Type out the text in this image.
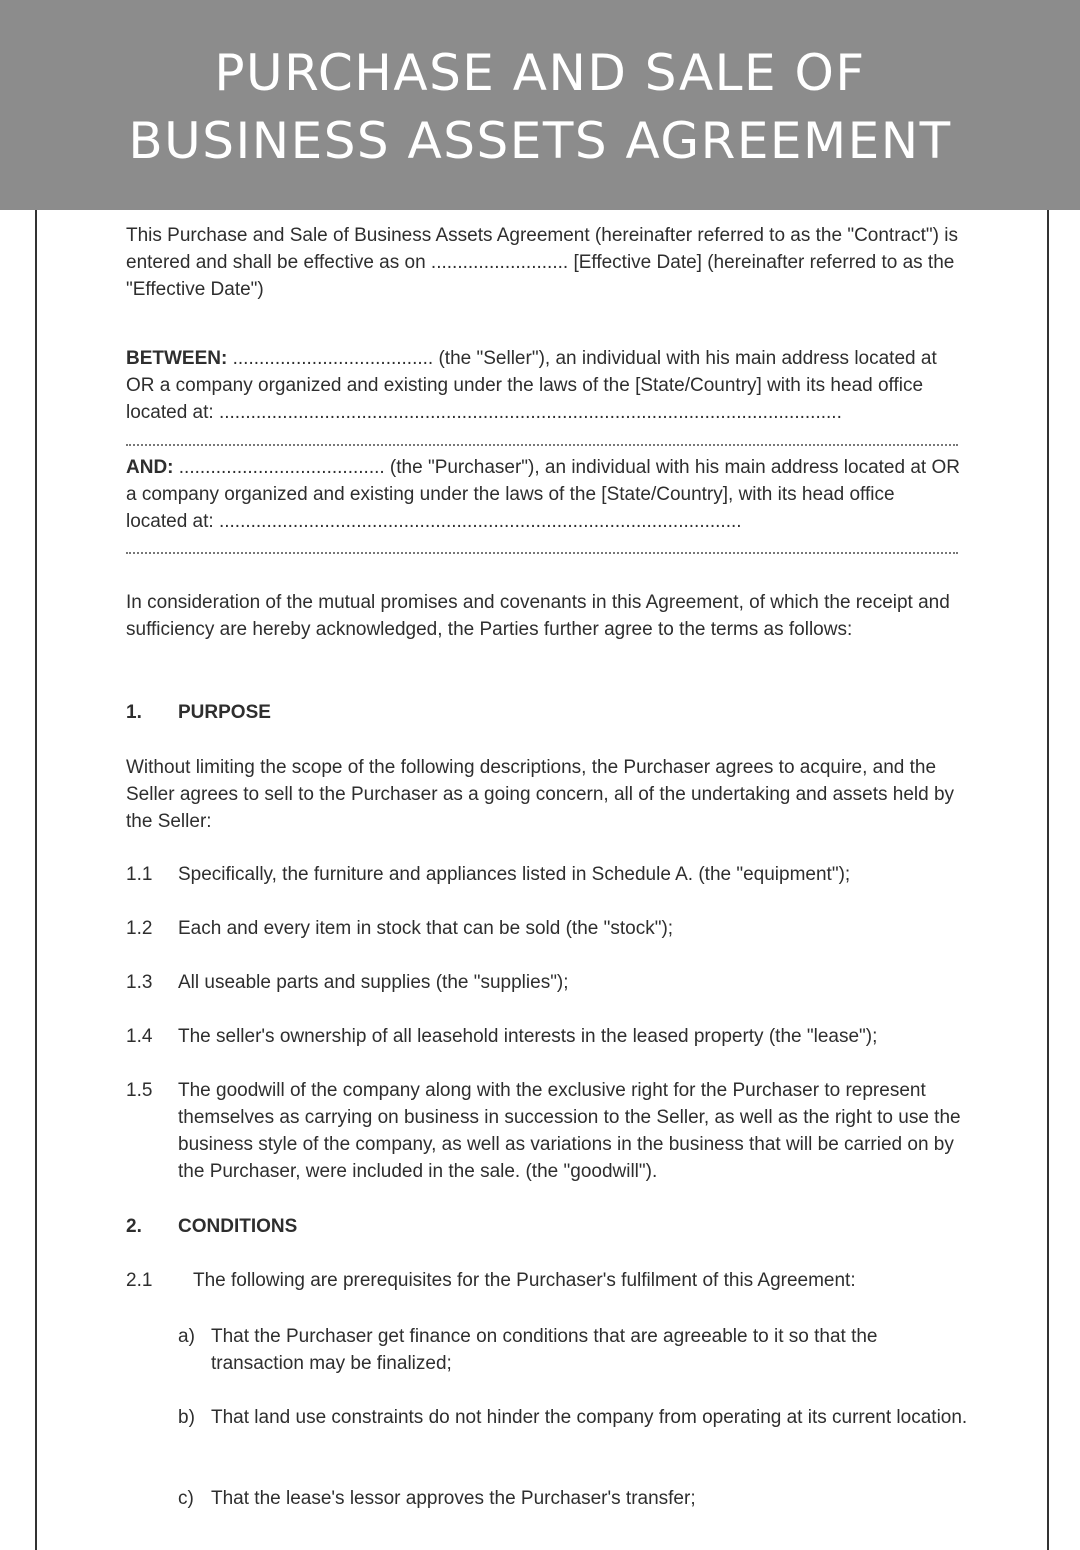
PURCHASE AND SALE OF
BUSINESS ASSETS AGREEMENT
This Purchase and Sale of Business Assets Agreement (hereinafter referred to as the "Contract") is entered and shall be effective as on .......................... [Effective Date] (hereinafter referred to as the "Effective Date")
BETWEEN: ...................................... (the "Seller"), an individual with his main address located at OR a company organized and existing under the laws of the [State/Country] with its head office located at: ......................................................................................................................
AND: ....................................... (the "Purchaser"), an individual with his main address located at OR a company organized and existing under the laws of the [State/Country], with its head office located at: ...................................................................................................
In consideration of the mutual promises and covenants in this Agreement, of which the receipt and sufficiency are hereby acknowledged, the Parties further agree to the terms as follows:
1. PURPOSE
Without limiting the scope of the following descriptions, the Purchaser agrees to acquire, and the Seller agrees to sell to the Purchaser as a going concern, all of the undertaking and assets held by the Seller:
1.1 Specifically, the furniture and appliances listed in Schedule A. (the "equipment");
1.2 Each and every item in stock that can be sold (the "stock");
1.3 All useable parts and supplies (the "supplies");
1.4 The seller's ownership of all leasehold interests in the leased property (the "lease");
1.5 The goodwill of the company along with the exclusive right for the Purchaser to represent themselves as carrying on business in succession to the Seller, as well as the right to use the business style of the company, as well as variations in the business that will be carried on by the Purchaser, were included in the sale. (the "goodwill").
2. CONDITIONS
2.1 The following are prerequisites for the Purchaser's fulfilment of this Agreement:
a) That the Purchaser get finance on conditions that are agreeable to it so that the transaction may be finalized;
b) That land use constraints do not hinder the company from operating at its current location.
c) That the lease's lessor approves the Purchaser's transfer;
